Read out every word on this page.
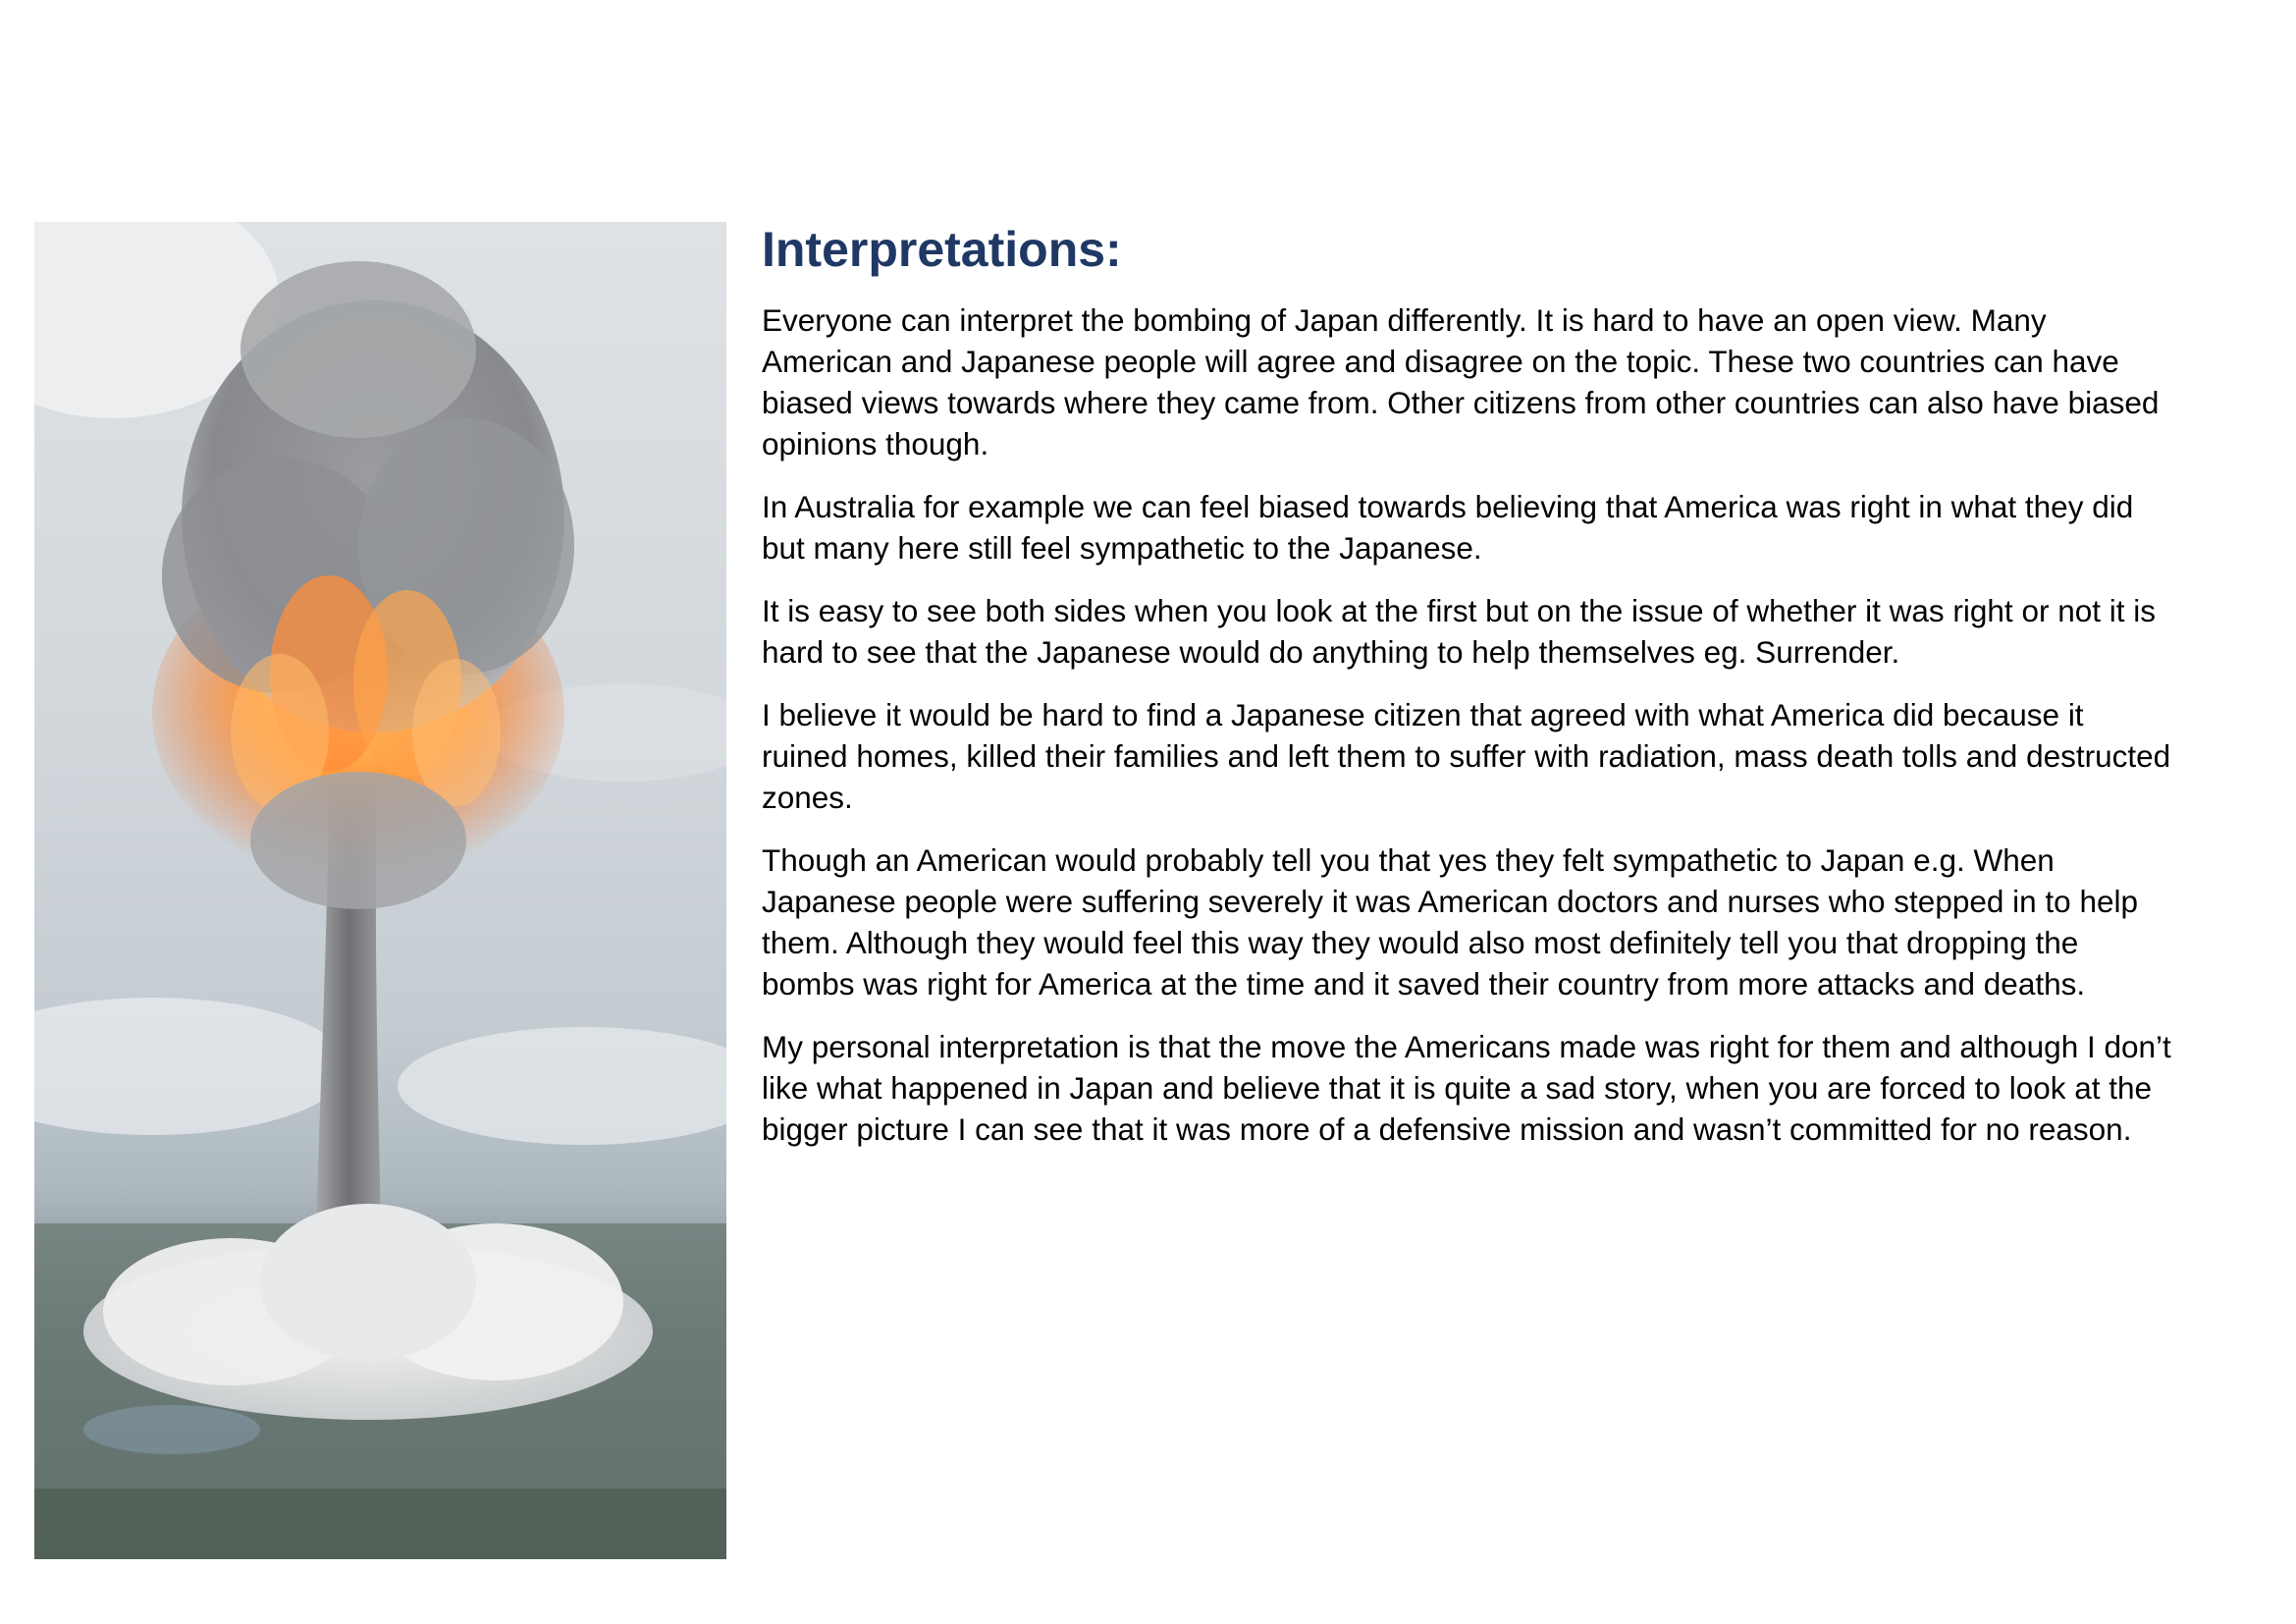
Interpretations:

Everyone can interpret the bombing of Japan differently. It is hard to have an open view. Many American and Japanese people will agree and disagree on the topic. These two countries can have biased views towards where they came from. Other citizens from other countries can also have biased opinions though.

In Australia for example we can feel biased towards believing that America was right in what they did but many here still feel sympathetic to the Japanese.

It is easy to see both sides when you look at the first but on the issue of whether it was right or not it is hard to see that the Japanese would do anything to help themselves eg. Surrender.

I believe it would be hard to find a Japanese citizen that agreed with what America did because it ruined homes, killed their families and left them to suffer with radiation, mass death tolls and destructed zones.

Though an American would probably tell you that yes they felt sympathetic to Japan e.g. When Japanese people were suffering severely it was American doctors and nurses who stepped in to help them. Although they would feel this way they would also most definitely tell you that dropping the bombs was right for America at the time and it saved their country from more attacks and deaths.

My personal interpretation is that the move the Americans made was right for them and although I don’t like what happened in Japan and believe that it is quite a sad story, when you are forced to look at the bigger picture I can see that it was more of a defensive mission and wasn’t committed for no reason.
